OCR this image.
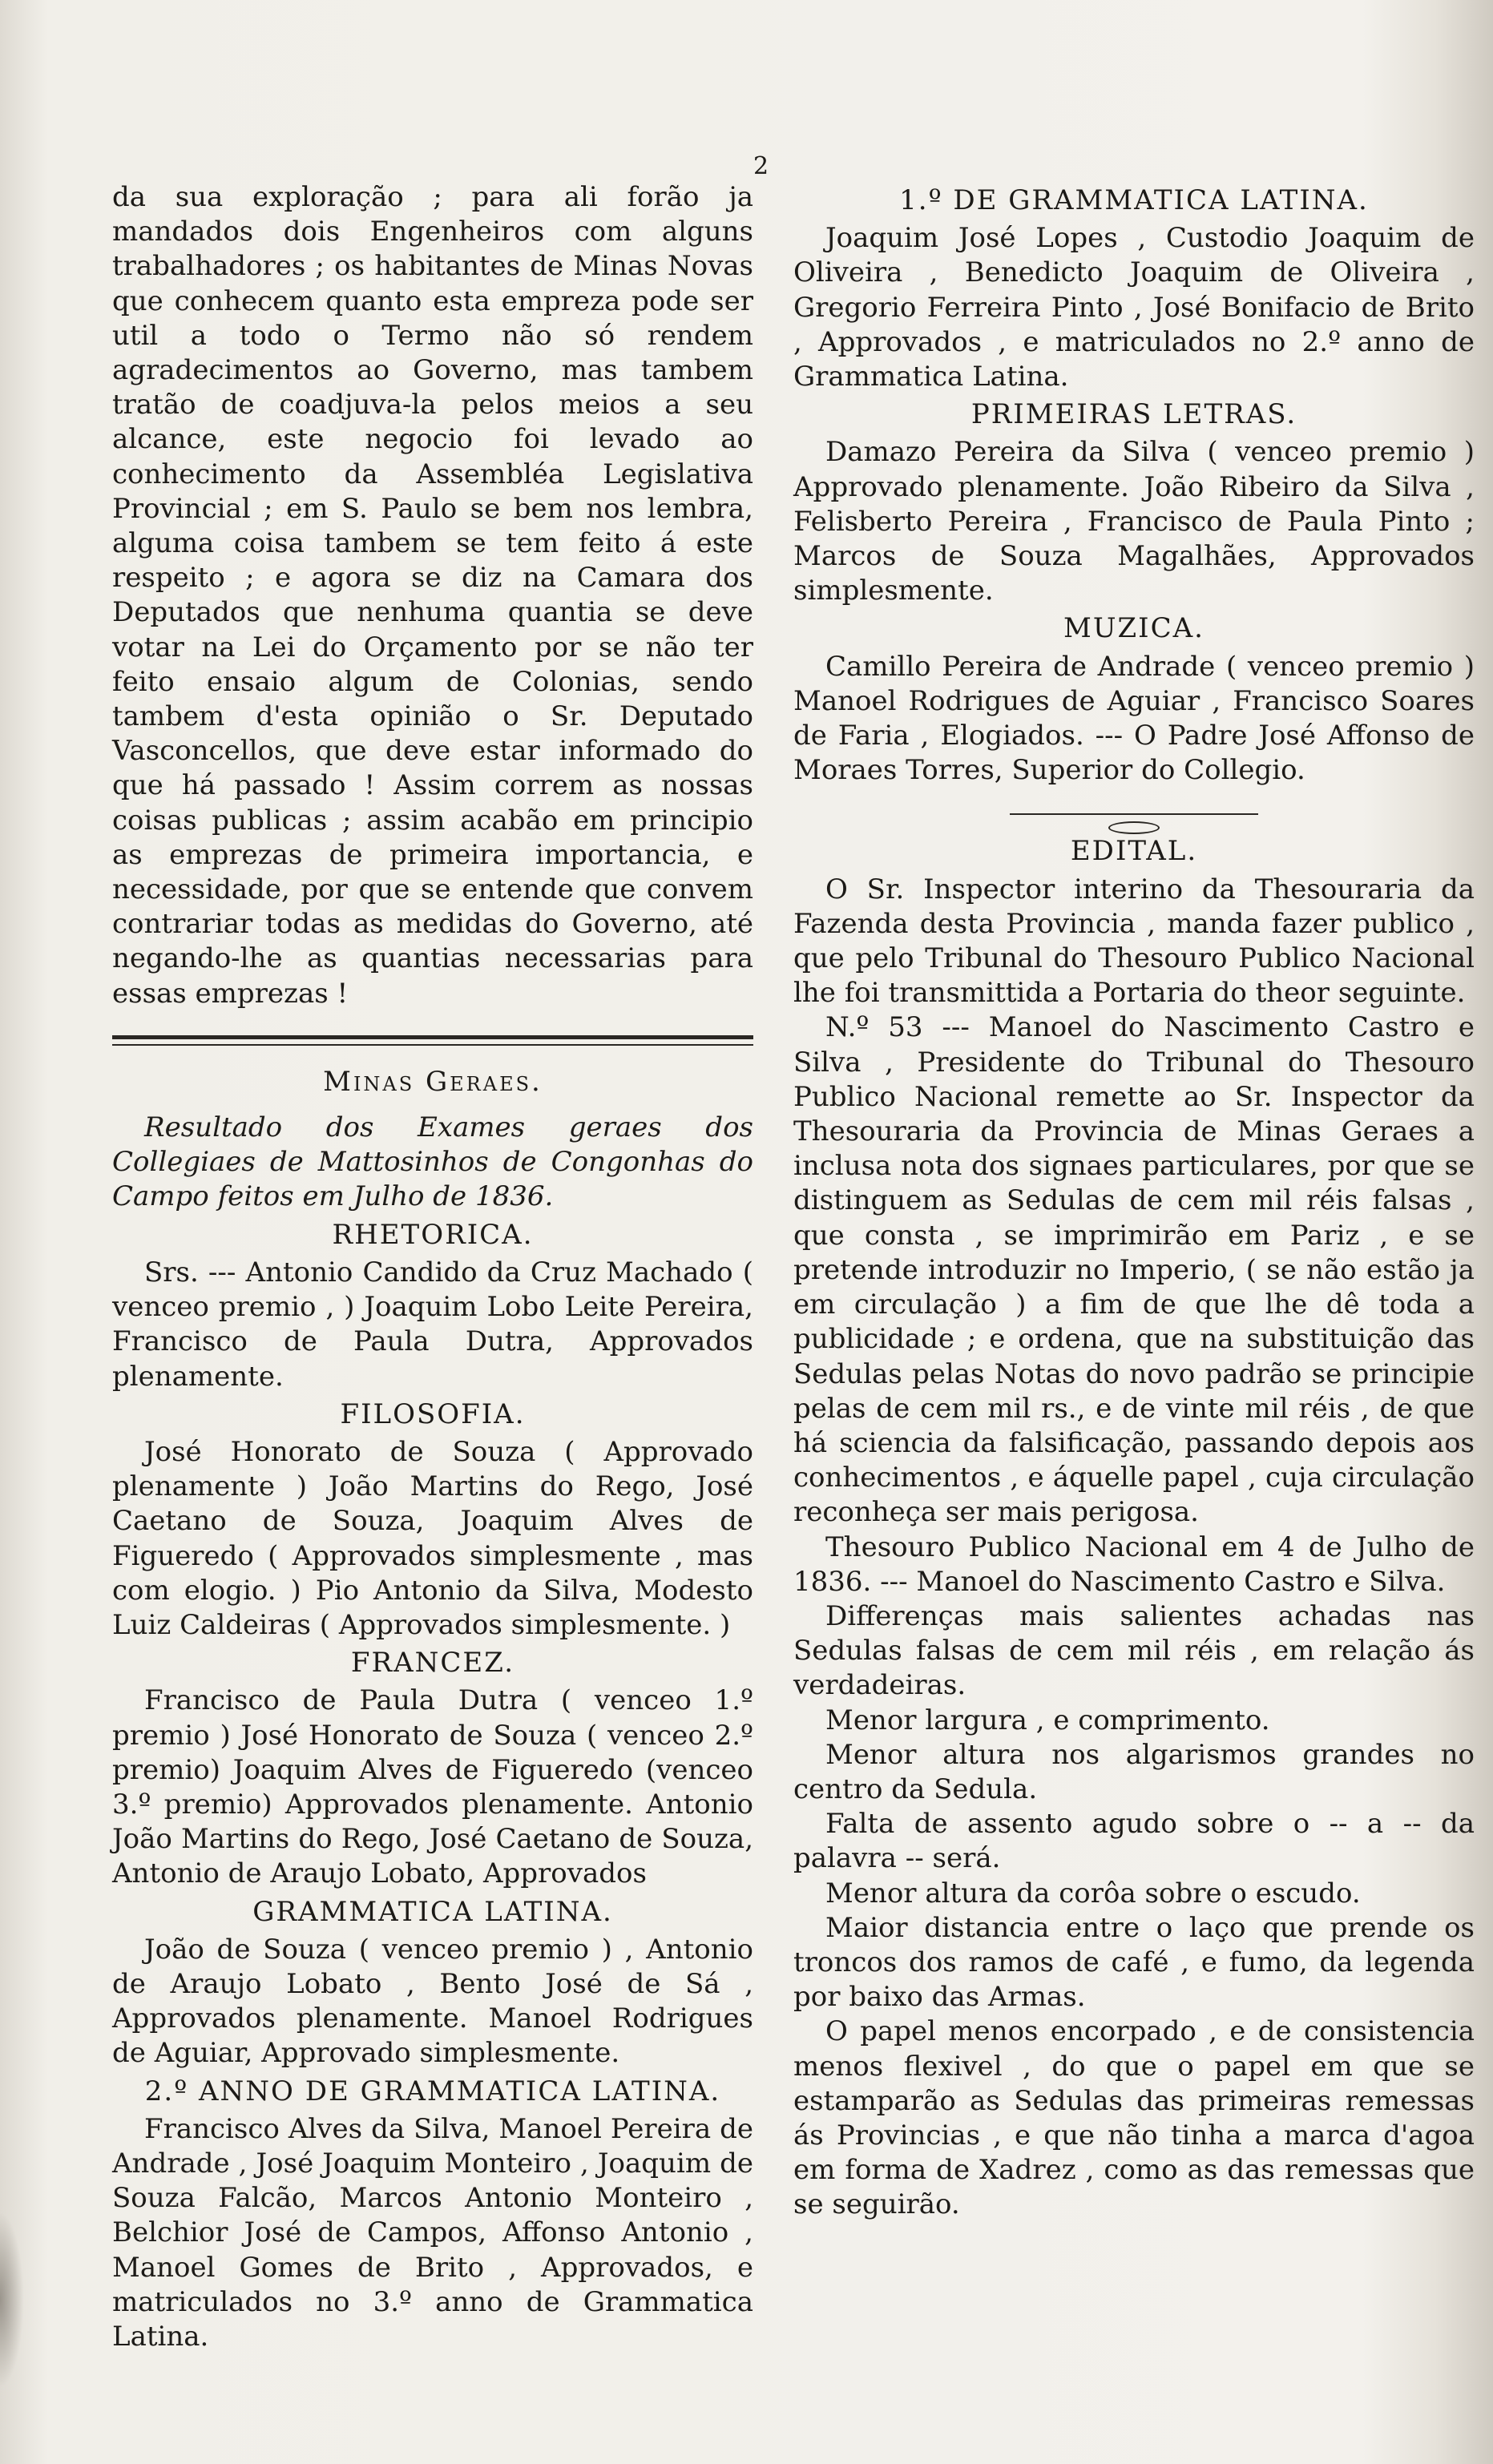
2

da sua exploração ; para ali forão ja mandados dois Engenheiros com alguns trabalhadores ; os habitantes de Minas Novas que conhecem quanto esta empreza pode ser util a todo o Termo não só rendem agradecimentos ao Governo, mas tambem tratão de coadjuva-la pelos meios a seu alcance, este negocio foi levado ao conhecimento da Assembléa Legislativa Provincial ; em S. Paulo se bem nos lembra, alguma coisa tambem se tem feito á este respeito ; e agora se diz na Camara dos Deputados que nenhuma quantia se deve votar na Lei do Orçamento por se não ter feito ensaio algum de Colonias, sendo tambem d'esta opinião o Sr. Deputado Vasconcellos, que deve estar informado do que há passado ! Assim correm as nossas coisas publicas ; assim acabão em principio as emprezas de primeira importancia, e necessidade, por que se entende que convem contrariar todas as medidas do Governo, até negando-lhe as quantias necessarias para essas emprezas !

Minas Geraes.

Resultado dos Exames geraes dos Collegiaes de Mattosinhos de Congonhas do Campo feitos em Julho de 1836.

RHETORICA.

Srs. --- Antonio Candido da Cruz Machado ( venceo premio , ) Joaquim Lobo Leite Pereira, Francisco de Paula Dutra, Approvados plenamente.

FILOSOFIA.

José Honorato de Souza ( Approvado plenamente ) João Martins do Rego, José Caetano de Souza, Joaquim Alves de Figueredo ( Approvados simplesmente , mas com elogio. ) Pio Antonio da Silva, Modesto Luiz Caldeiras ( Approvados simplesmente. )

FRANCEZ.

Francisco de Paula Dutra ( venceo 1.º premio ) José Honorato de Souza ( venceo 2.º premio) Joaquim Alves de Figueredo (venceo 3.º premio) Approvados plenamente. Antonio João Martins do Rego, José Caetano de Souza, Antonio de Araujo Lobato, Approvados

GRAMMATICA LATINA.

João de Souza ( venceo premio ) , Antonio de Araujo Lobato , Bento José de Sá , Approvados plenamente. Manoel Rodrigues de Aguiar, Approvado simplesmente.

2.º ANNO DE GRAMMATICA LATINA.

Francisco Alves da Silva, Manoel Pereira de Andrade , José Joaquim Monteiro , Joaquim de Souza Falcão, Marcos Antonio Monteiro , Belchior José de Campos, Affonso Antonio , Manoel Gomes de Brito , Approvados, e matriculados no 3.º anno de Grammatica Latina.

1.º DE GRAMMATICA LATINA.

Joaquim José Lopes , Custodio Joaquim de Oliveira , Benedicto Joaquim de Oliveira , Gregorio Ferreira Pinto , José Bonifacio de Brito , Approvados , e matriculados no 2.º anno de Grammatica Latina.

PRIMEIRAS LETRAS.

Damazo Pereira da Silva ( venceo premio ) Approvado plenamente. João Ribeiro da Silva , Felisberto Pereira , Francisco de Paula Pinto ; Marcos de Souza Magalhães, Approvados simplesmente.

MUZICA.

Camillo Pereira de Andrade ( venceo premio ) Manoel Rodrigues de Aguiar , Francisco Soares de Faria , Elogiados. --- O Padre José Affonso de Moraes Torres, Superior do Collegio.

EDITAL.

O Sr. Inspector interino da Thesouraria da Fazenda desta Provincia , manda fazer publico , que pelo Tribunal do Thesouro Publico Nacional lhe foi transmittida a Portaria do theor seguinte.

N.º 53 --- Manoel do Nascimento Castro e Silva , Presidente do Tribunal do Thesouro Publico Nacional remette ao Sr. Inspector da Thesouraria da Provincia de Minas Geraes a inclusa nota dos signaes particulares, por que se distinguem as Sedulas de cem mil réis falsas , que consta , se imprimirão em Pariz , e se pretende introduzir no Imperio, ( se não estão ja em circulação ) a fim de que lhe dê toda a publicidade ; e ordena, que na substituição das Sedulas pelas Notas do novo padrão se principie pelas de cem mil rs., e de vinte mil réis , de que há sciencia da falsificação, passando depois aos conhecimentos , e áquelle papel , cuja circulação reconheça ser mais perigosa.

Thesouro Publico Nacional em 4 de Julho de 1836. --- Manoel do Nascimento Castro e Silva.

Differenças mais salientes achadas nas Sedulas falsas de cem mil réis , em relação ás verdadeiras.

Menor largura , e comprimento.

Menor altura nos algarismos grandes no centro da Sedula.

Falta de assento agudo sobre o -- a -- da palavra -- será.

Menor altura da corôa sobre o escudo.

Maior distancia entre o laço que prende os troncos dos ramos de café , e fumo, da legenda por baixo das Armas.

O papel menos encorpado , e de consistencia menos flexivel , do que o papel em que se estamparão as Sedulas das primeiras remessas ás Provincias , e que não tinha a marca d'agoa em forma de Xadrez , como as das remessas que se seguirão.
